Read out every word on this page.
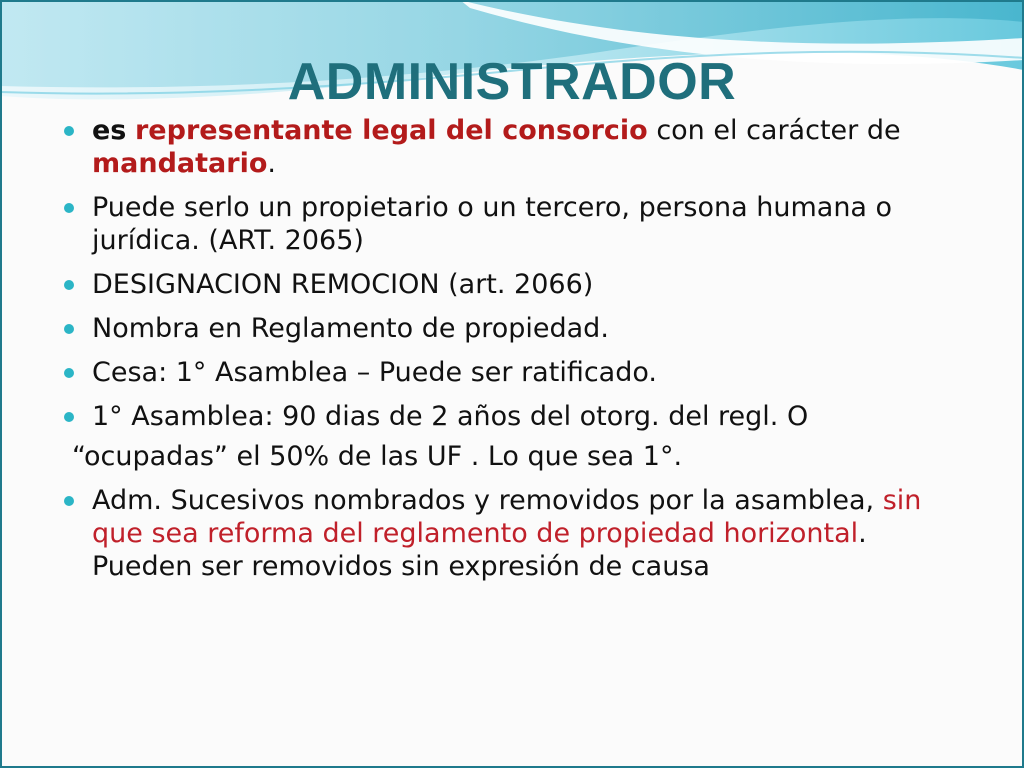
ADMINISTRADOR
es representante legal del consorcio con el carácter de mandatario.
Puede serlo un propietario o un tercero, persona humana o jurídica. (ART. 2065)
DESIGNACION REMOCION (art. 2066)
Nombra en Reglamento de propiedad.
Cesa: 1° Asamblea – Puede ser ratificado.
1° Asamblea: 90 dias de 2 años del otorg. del regl. O
“ocupadas” el 50% de las UF . Lo que sea 1°.
Adm. Sucesivos nombrados y removidos por la asamblea, sin que sea reforma del reglamento de propiedad horizontal. Pueden ser removidos sin expresión de causa
